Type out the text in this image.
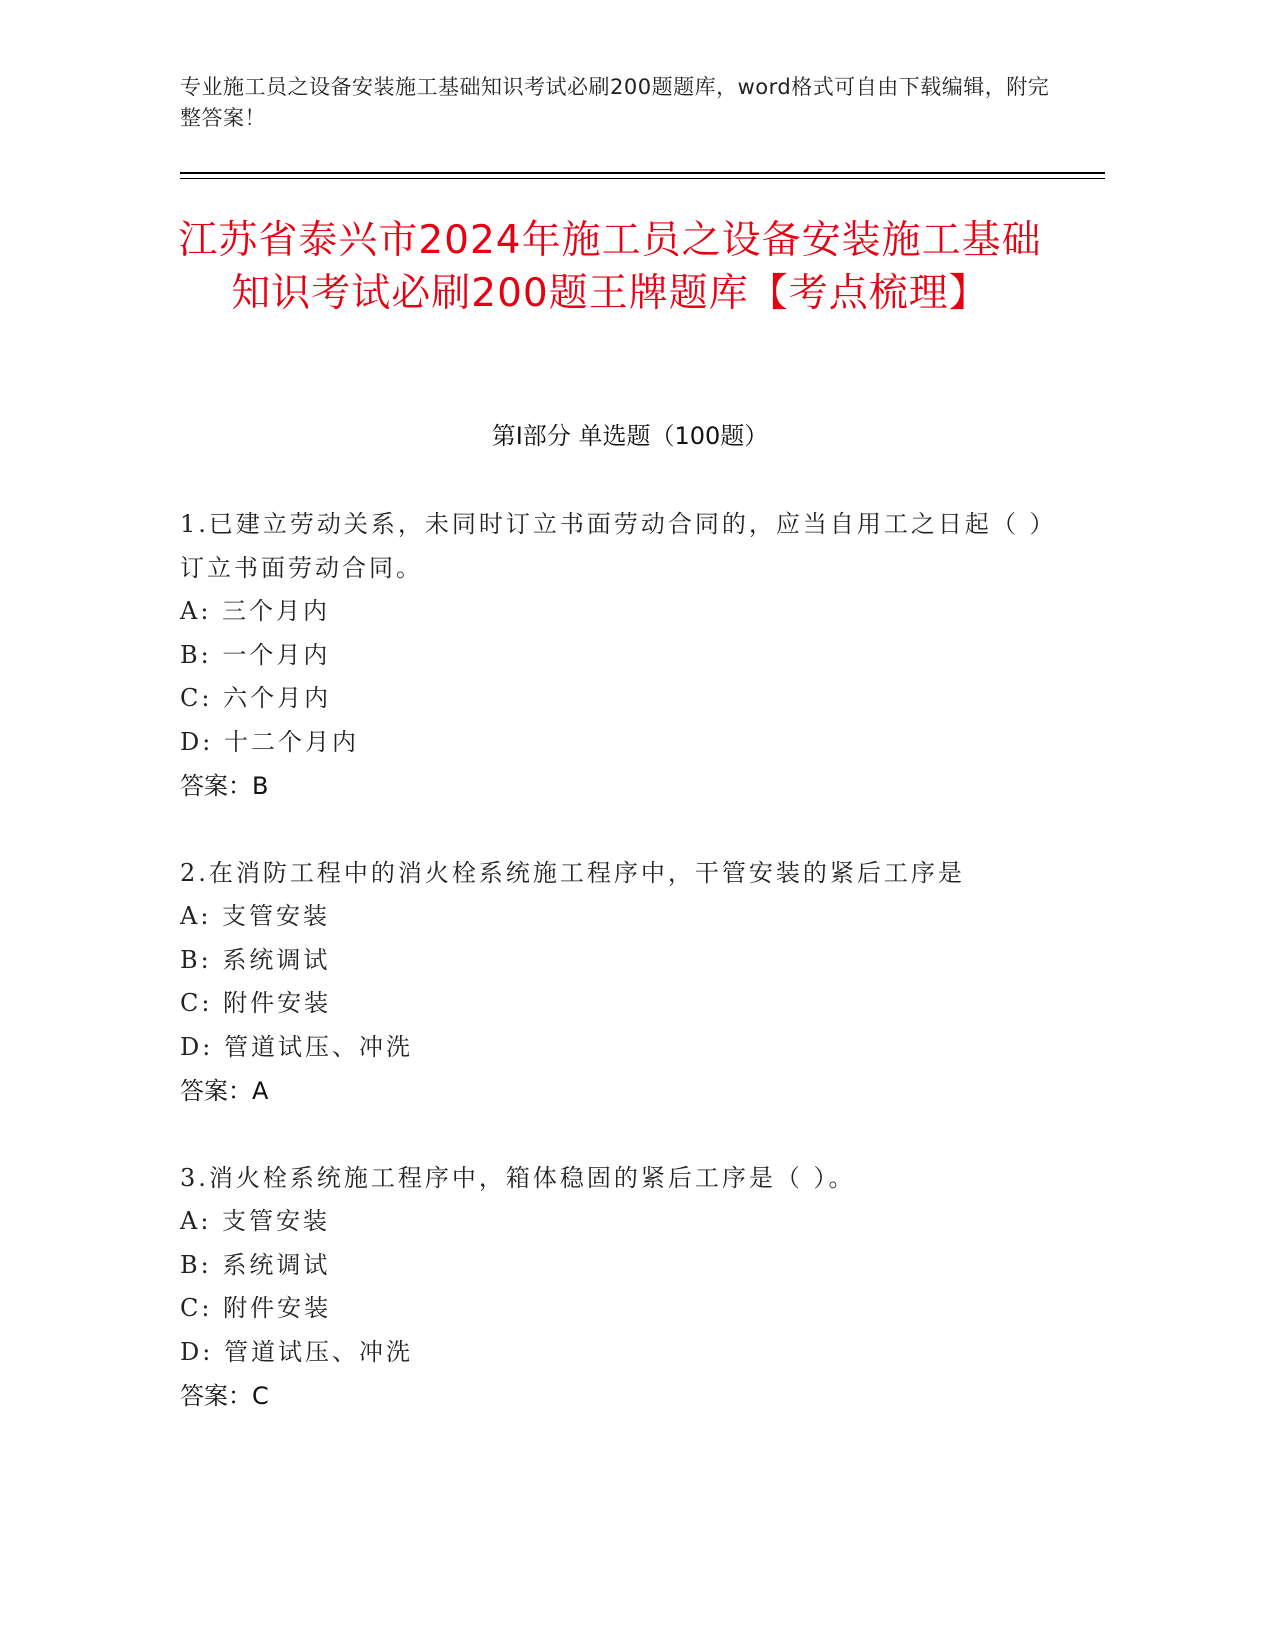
专业施工员之设备安装施工基础知识考试必刷200题题库，word格式可自由下载编辑，附完整答案！
江苏省泰兴市2024年施工员之设备安装施工基础知识考试必刷200题王牌题库【考点梳理】
第I部分 单选题（100题）

1.已建立劳动关系，未同时订立书面劳动合同的，应当自用工之日起（ ）订立书面劳动合同。

A: 三个月内

B: 一个月内

C: 六个月内

D: 十二个月内

答案：B

2.在消防工程中的消火栓系统施工程序中，干管安装的紧后工序是

A: 支管安装

B: 系统调试

C: 附件安装

D: 管道试压、冲洗

答案：A

3.消火栓系统施工程序中，箱体稳固的紧后工序是（ ）。

A: 支管安装

B: 系统调试

C: 附件安装

D: 管道试压、冲洗

答案：C
